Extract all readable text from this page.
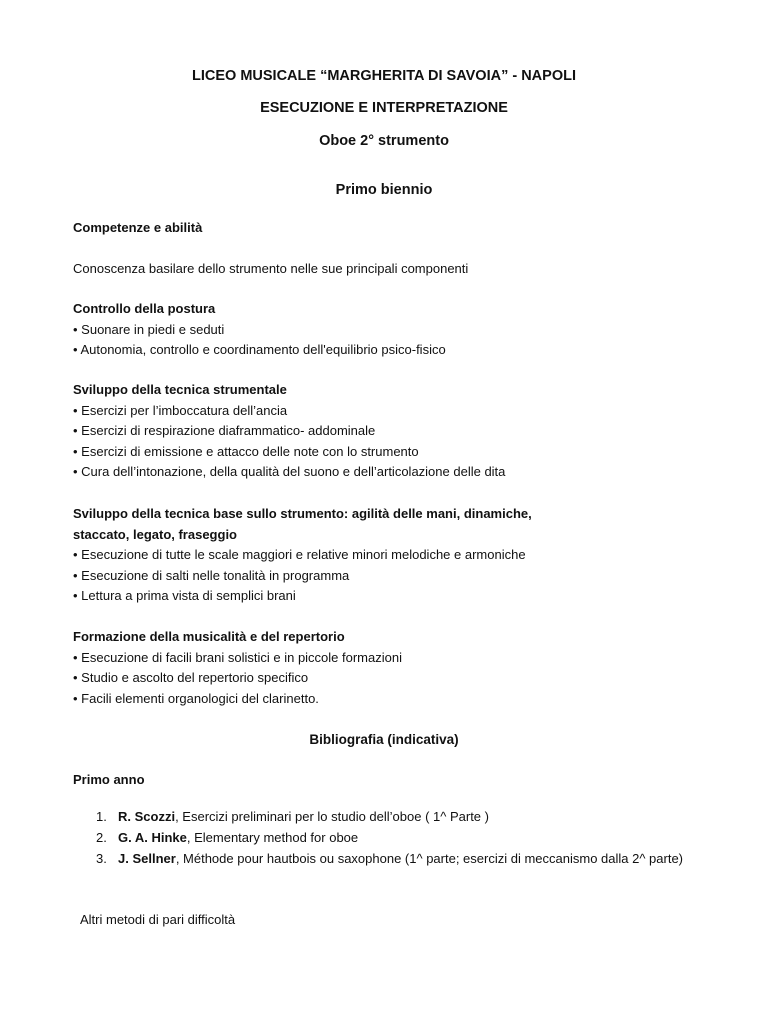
LICEO MUSICALE “MARGHERITA DI SAVOIA” - NAPOLI
ESECUZIONE E INTERPRETAZIONE
Oboe 2° strumento
Primo biennio
Competenze e abilità
Conoscenza basilare dello strumento nelle sue principali componenti
Controllo della postura
• Suonare in piedi e seduti
• Autonomia, controllo e coordinamento dell'equilibrio psico-fisico
Sviluppo della tecnica strumentale
• Esercizi per l’imboccatura dell’ancia
• Esercizi di respirazione diaframmatico- addominale
• Esercizi di emissione e attacco delle note con lo strumento
• Cura dell’intonazione, della qualità del suono e dell’articolazione delle dita
Sviluppo della tecnica base sullo strumento: agilità delle mani, dinamiche,
staccato, legato, fraseggio
• Esecuzione di tutte le scale maggiori e relative minori melodiche e armoniche
• Esecuzione di salti nelle tonalità in programma
• Lettura a prima vista di semplici brani
Formazione della musicalità e del repertorio
• Esecuzione di facili brani solistici e in piccole formazioni
• Studio e ascolto del repertorio specifico
• Facili elementi organologici del clarinetto.
Bibliografia (indicativa)
Primo anno
1. R. Scozzi, Esercizi preliminari per lo studio dell’oboe ( 1^ Parte )
2. G. A. Hinke, Elementary method for oboe
3. J. Sellner, Méthode pour hautbois ou saxophone (1^ parte; esercizi di meccanismo dalla 2^ parte)
Altri metodi di pari difficoltà
